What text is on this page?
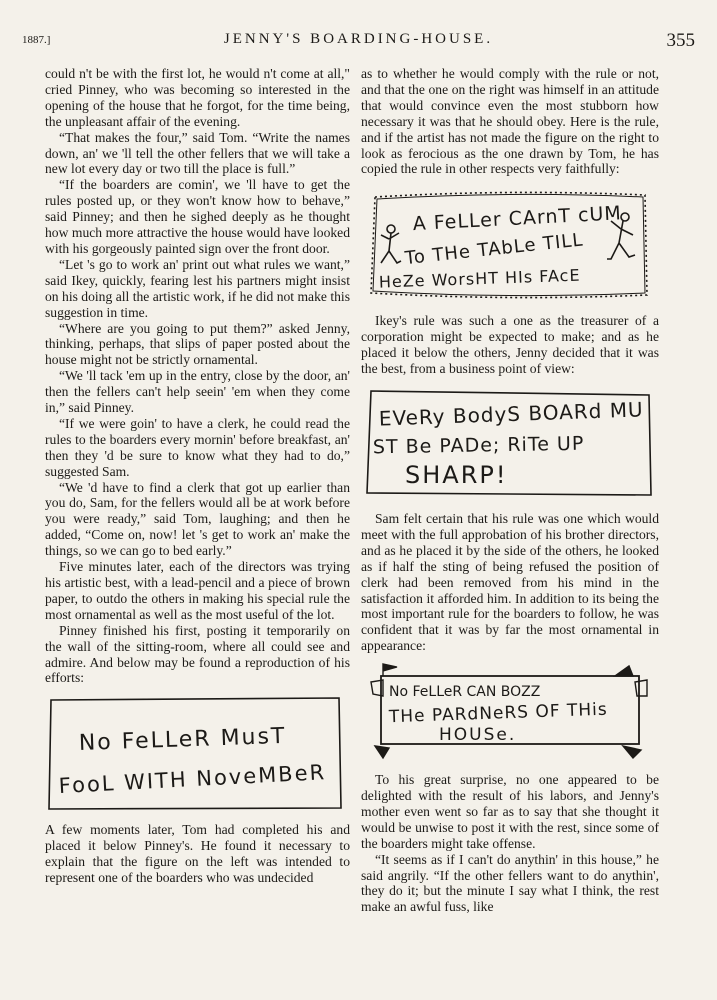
1887.]	JENNY'S BOARDING-HOUSE.	355

could n't be with the first lot, he would n't come at all," cried Pinney, who was becoming so interested in the opening of the house that he forgot, for the time being, the unpleasant affair of the evening.

“That makes the four,” said Tom. “Write the names down, an' we 'll tell the other fellers that we will take a new lot every day or two till the place is full.”

“If the boarders are comin', we 'll have to get the rules posted up, or they won't know how to behave,” said Pinney; and then he sighed deeply as he thought how much more attractive the house would have looked with his gorgeously painted sign over the front door.

“Let 's go to work an' print out what rules we want,” said Ikey, quickly, fearing lest his partners might insist on his doing all the artistic work, if he did not make this suggestion in time.

“Where are you going to put them?” asked Jenny, thinking, perhaps, that slips of paper posted about the house might not be strictly ornamental.

“We 'll tack 'em up in the entry, close by the door, an' then the fellers can't help seein' 'em when they come in,” said Pinney.

“If we were goin' to have a clerk, he could read the rules to the boarders every mornin' before breakfast, an' then they 'd be sure to know what they had to do,” suggested Sam.

“We 'd have to find a clerk that got up earlier than you do, Sam, for the fellers would all be at work before you were ready,” said Tom, laughing; and then he added, “Come on, now! let 's get to work an' make the things, so we can go to bed early.”

Five minutes later, each of the directors was trying his artistic best, with a lead-pencil and a piece of brown paper, to outdo the others in making his special rule the most ornamental as well as the most useful of the lot.

Pinney finished his first, posting it temporarily on the wall of the sitting-room, where all could see and admire. And below may be found a reproduction of his efforts:

No FeLLeR MusT
FooL WITH NoveMBeR

A few moments later, Tom had completed his and placed it below Pinney's. He found it necessary to explain that the figure on the left was intended to represent one of the boarders who was undecided

as to whether he would comply with the rule or not, and that the one on the right was himself in an attitude that would convince even the most stubborn how necessary it was that he should obey. Here is the rule, and if the artist has not made the figure on the right to look as ferocious as the one drawn by Tom, he has copied the rule in other respects very faithfully:

A FeLLer CArnT cUM
To THe TAbLe TILL
HeZe WorsHT HIs FAcE

Ikey's rule was such a one as the treasurer of a corporation might be expected to make; and as he placed it below the others, Jenny decided that it was the best, from a business point of view:

EVeRy BodyS BOARd MU
ST Be PADe; RiTe UP
SHARP!

Sam felt certain that his rule was one which would meet with the full approbation of his brother directors, and as he placed it by the side of the others, he looked as if half the sting of being refused the position of clerk had been removed from his mind in the satisfaction it afforded him. In addition to its being the most important rule for the boarders to follow, he was confident that it was by far the most ornamental in appearance:

No FeLLeR CAN BOZZ
THe PARdNeRS OF THis
HOUSe.

To his great surprise, no one appeared to be delighted with the result of his labors, and Jenny's mother even went so far as to say that she thought it would be unwise to post it with the rest, since some of the boarders might take offense.

“It seems as if I can't do anythin' in this house,” he said angrily. “If the other fellers want to do anythin', they do it; but the minute I say what I think, the rest make an awful fuss, like
